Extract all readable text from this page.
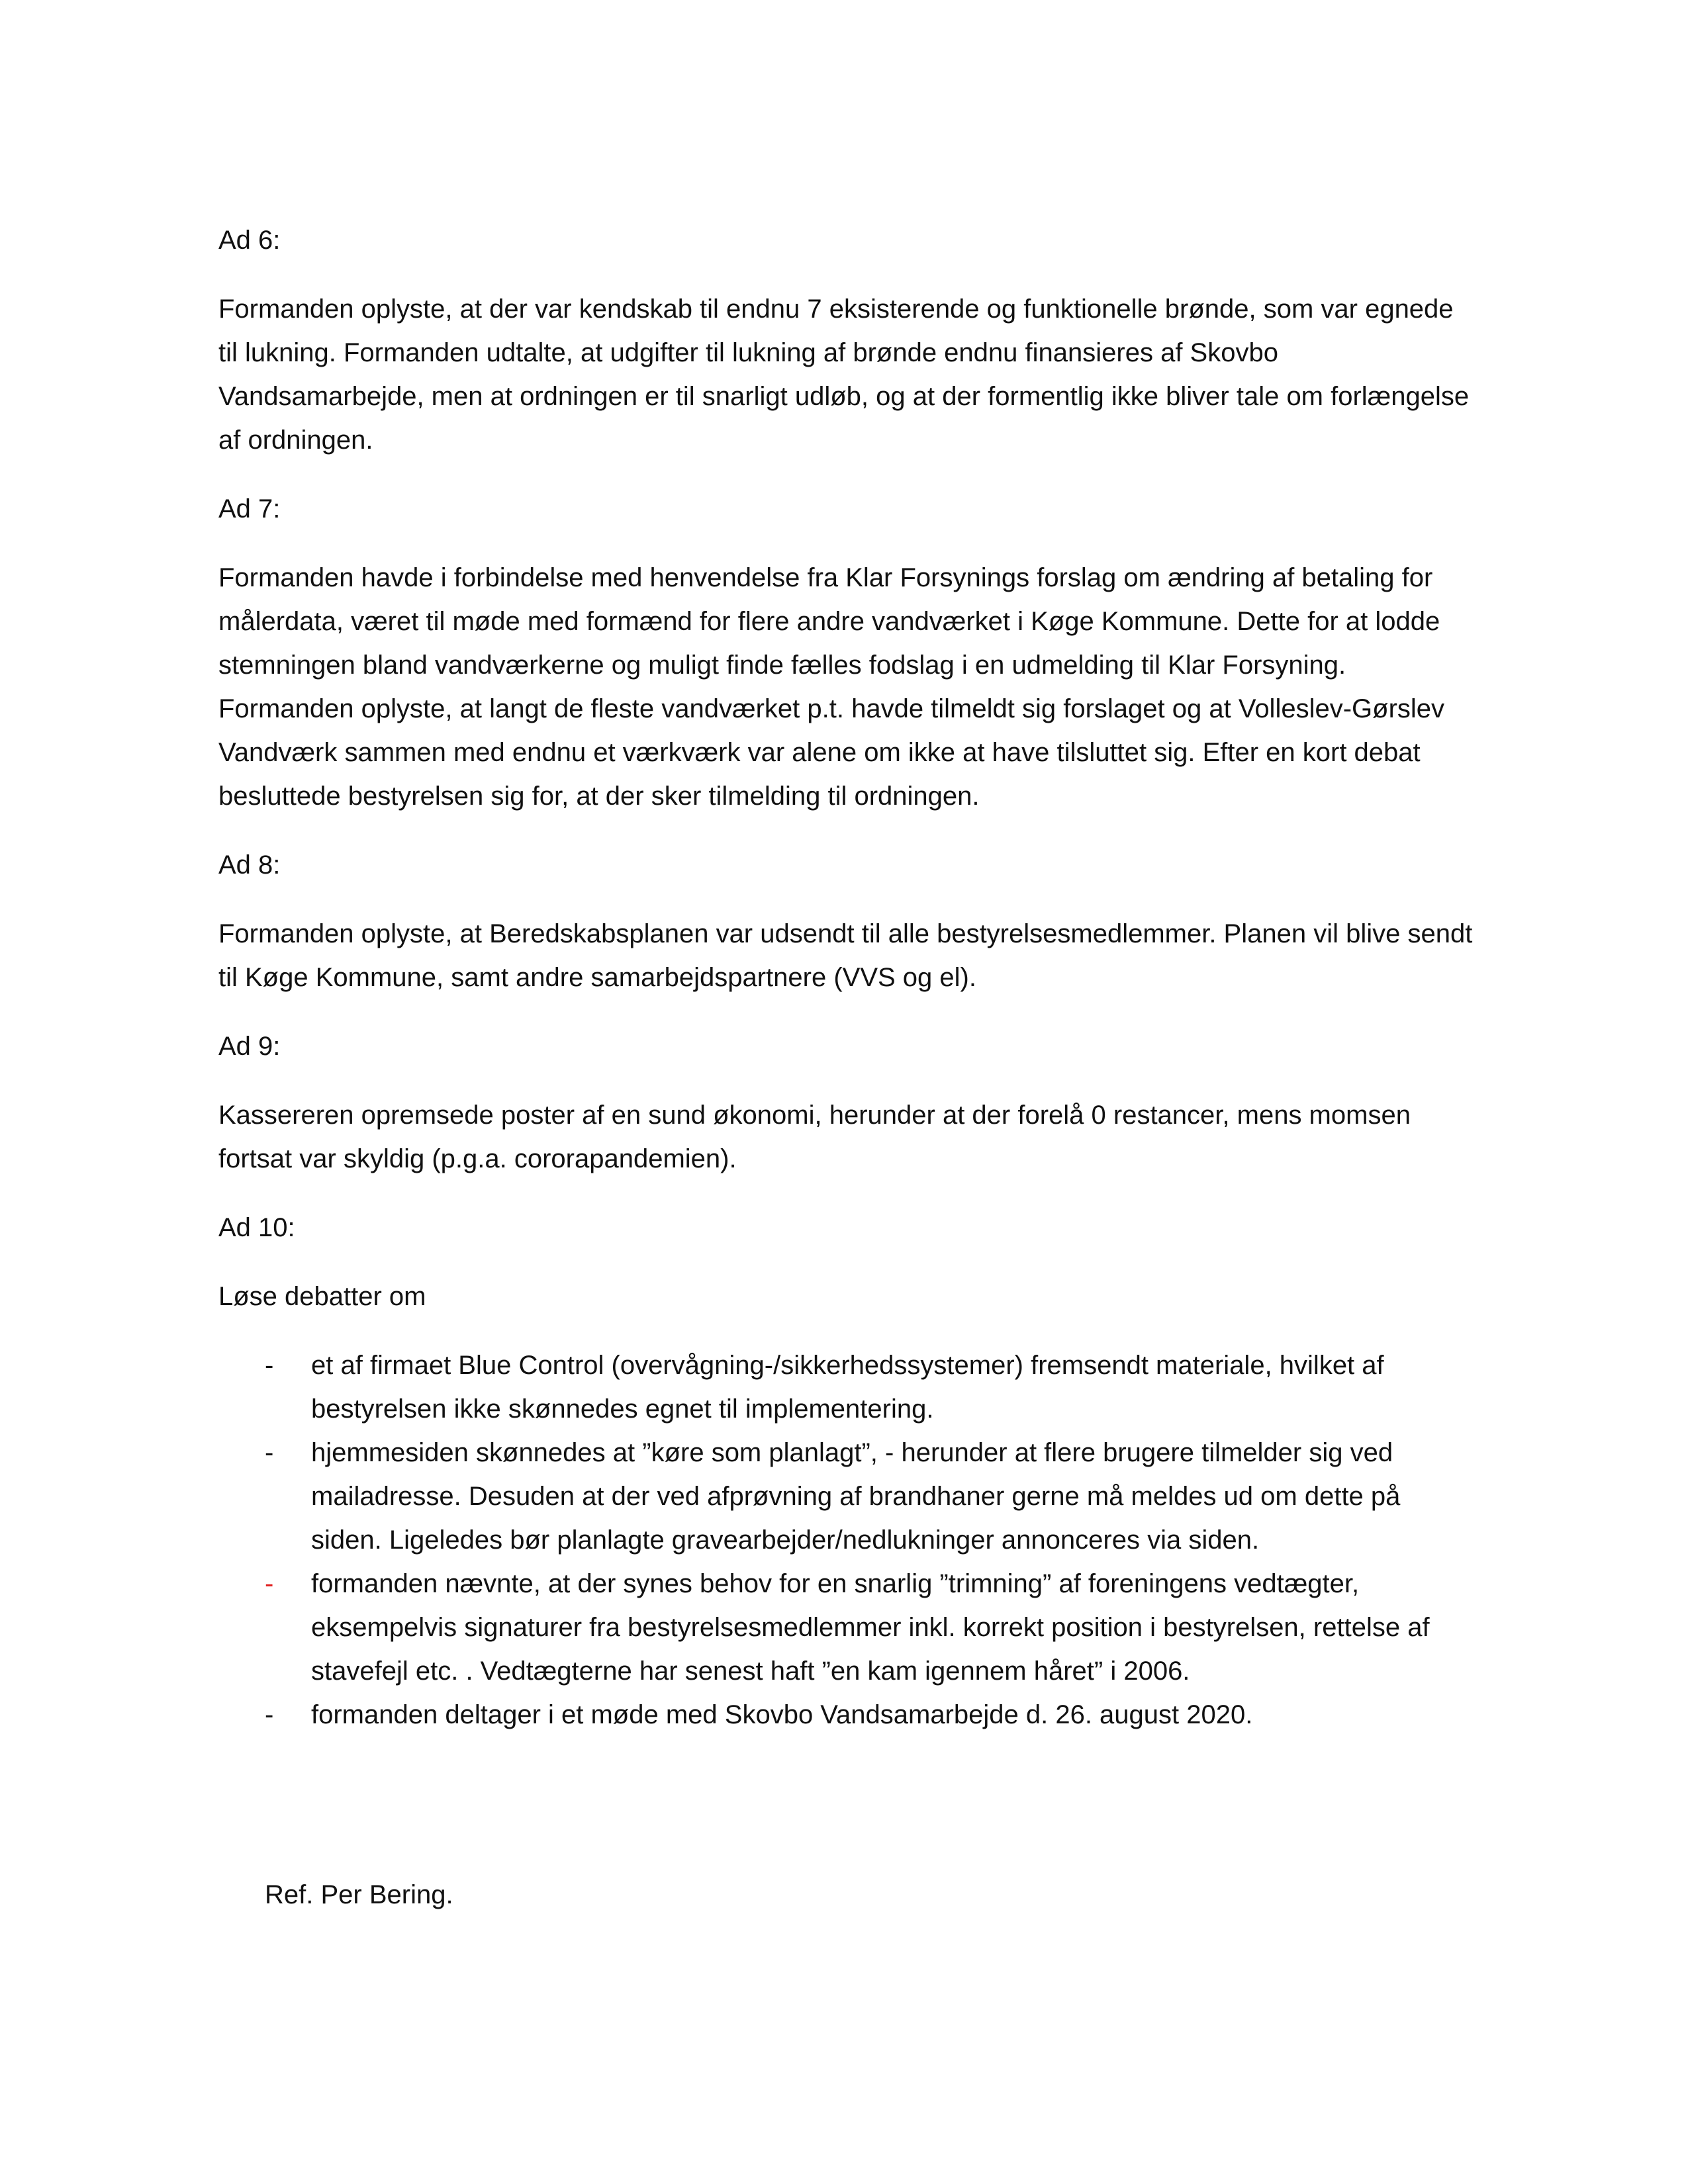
Ad 6:

Formanden oplyste, at der var kendskab til endnu 7 eksisterende og funktionelle brønde, som var egnede til lukning. Formanden udtalte, at udgifter til lukning af brønde endnu finansieres af Skovbo Vandsamarbejde, men at ordningen er til snarligt udløb, og at der formentlig ikke bliver tale om forlængelse af ordningen.

Ad 7:

Formanden havde i forbindelse med henvendelse fra Klar Forsynings forslag om ændring af betaling for målerdata, været til møde med formænd for flere andre vandværket i Køge Kommune. Dette for at lodde stemningen bland vandværkerne og muligt finde fælles fodslag i en udmelding til Klar Forsyning. Formanden oplyste, at langt de fleste vandværket p.t. havde tilmeldt sig forslaget og at Volleslev-Gørslev Vandværk sammen med endnu et værkværk var alene om ikke at have tilsluttet sig. Efter en kort debat besluttede bestyrelsen sig for, at der sker tilmelding til ordningen.

Ad 8:

Formanden oplyste, at Beredskabsplanen var udsendt til alle bestyrelsesmedlemmer. Planen vil blive sendt til Køge Kommune, samt andre samarbejdspartnere (VVS og el).

Ad 9:

Kassereren opremsede poster af en sund økonomi, herunder at der forelå 0 restancer, mens momsen fortsat var skyldig (p.g.a. cororapandemien).

Ad 10:

Løse debatter om

-	et af firmaet Blue Control (overvågning-/sikkerhedssystemer) fremsendt materiale, hvilket af bestyrelsen ikke skønnedes egnet til implementering.
-	hjemmesiden skønnedes at ”køre som planlagt”, - herunder at flere brugere tilmelder sig ved mailadresse. Desuden at der ved afprøvning af brandhaner gerne må meldes ud om dette på siden. Ligeledes bør planlagte gravearbejder/nedlukninger annonceres via siden.
-	formanden nævnte, at der synes behov for en snarlig ”trimning” af foreningens vedtægter, eksempelvis signaturer fra bestyrelsesmedlemmer inkl. korrekt position i bestyrelsen, rettelse af stavefejl etc. . Vedtægterne har senest haft ”en kam igennem håret” i 2006.
-	formanden deltager i et møde med Skovbo Vandsamarbejde d. 26. august 2020.
Ref. Per Bering.
